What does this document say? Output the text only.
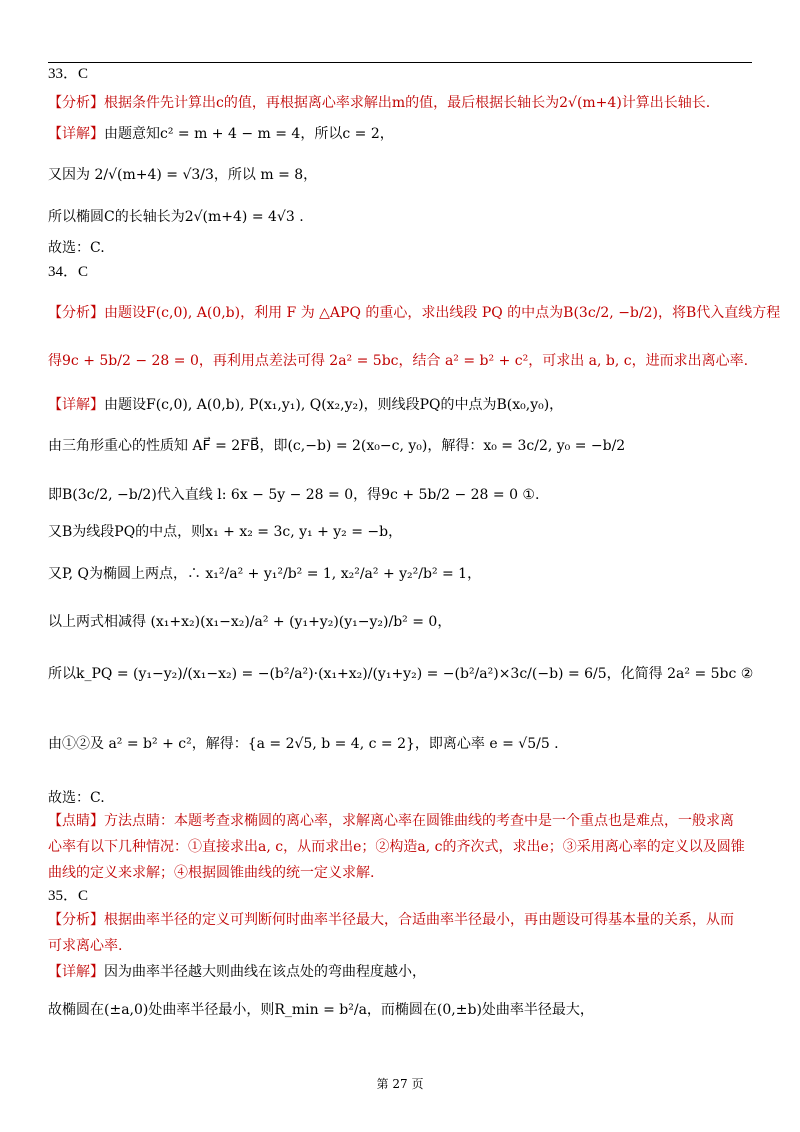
33．C
【分析】根据条件先计算出c的值，再根据离心率求解出m的值，最后根据长轴长为2√(m+4)计算出长轴长.
【详解】由题意知c² = m + 4 − m = 4，所以c = 2，
又因为 2/√(m+4) = √3/3，所以 m = 8，
所以椭圆C的长轴长为2√(m+4) = 4√3 .
故选：C.
34．C
【分析】由题设F(c,0), A(0,b)，利用 F 为 △APQ 的重心，求出线段 PQ 的中点为B(3c/2, −b/2)，将B代入直线方程
得9c + 5b/2 − 28 = 0，再利用点差法可得 2a² = 5bc，结合 a² = b² + c²，可求出 a, b, c，进而求出离心率.
【详解】由题设F(c,0), A(0,b), P(x₁,y₁), Q(x₂,y₂)，则线段PQ的中点为B(x₀,y₀)，
由三角形重心的性质知 AF⃗ = 2FB⃗，即(c,−b) = 2(x₀−c, y₀)，解得：x₀ = 3c/2, y₀ = −b/2
即B(3c/2, −b/2)代入直线 l: 6x − 5y − 28 = 0，得9c + 5b/2 − 28 = 0 ①.
又B为线段PQ的中点，则x₁ + x₂ = 3c, y₁ + y₂ = −b，
又P, Q为椭圆上两点，∴ x₁²/a² + y₁²/b² = 1, x₂²/a² + y₂²/b² = 1，
以上两式相减得 (x₁+x₂)(x₁−x₂)/a² + (y₁+y₂)(y₁−y₂)/b² = 0，
所以k_PQ = (y₁−y₂)/(x₁−x₂) = −(b²/a²)·(x₁+x₂)/(y₁+y₂) = −(b²/a²)×3c/(−b) = 6/5，化简得 2a² = 5bc ②
由①②及 a² = b² + c²，解得：{a = 2√5, b = 4, c = 2}，即离心率 e = √5/5 .
故选：C.
【点睛】方法点睛：本题考查求椭圆的离心率，求解离心率在圆锥曲线的考查中是一个重点也是难点，一般求离
心率有以下几种情况：①直接求出a, c，从而求出e；②构造a, c的齐次式，求出e；③采用离心率的定义以及圆锥
曲线的定义来求解；④根据圆锥曲线的统一定义求解.
35．C
【分析】根据曲率半径的定义可判断何时曲率半径最大，合适曲率半径最小，再由题设可得基本量的关系，从而
可求离心率.
【详解】因为曲率半径越大则曲线在该点处的弯曲程度越小，
故椭圆在(±a,0)处曲率半径最小，则R_min = b²/a，而椭圆在(0,±b)处曲率半径最大，
第 27 页
